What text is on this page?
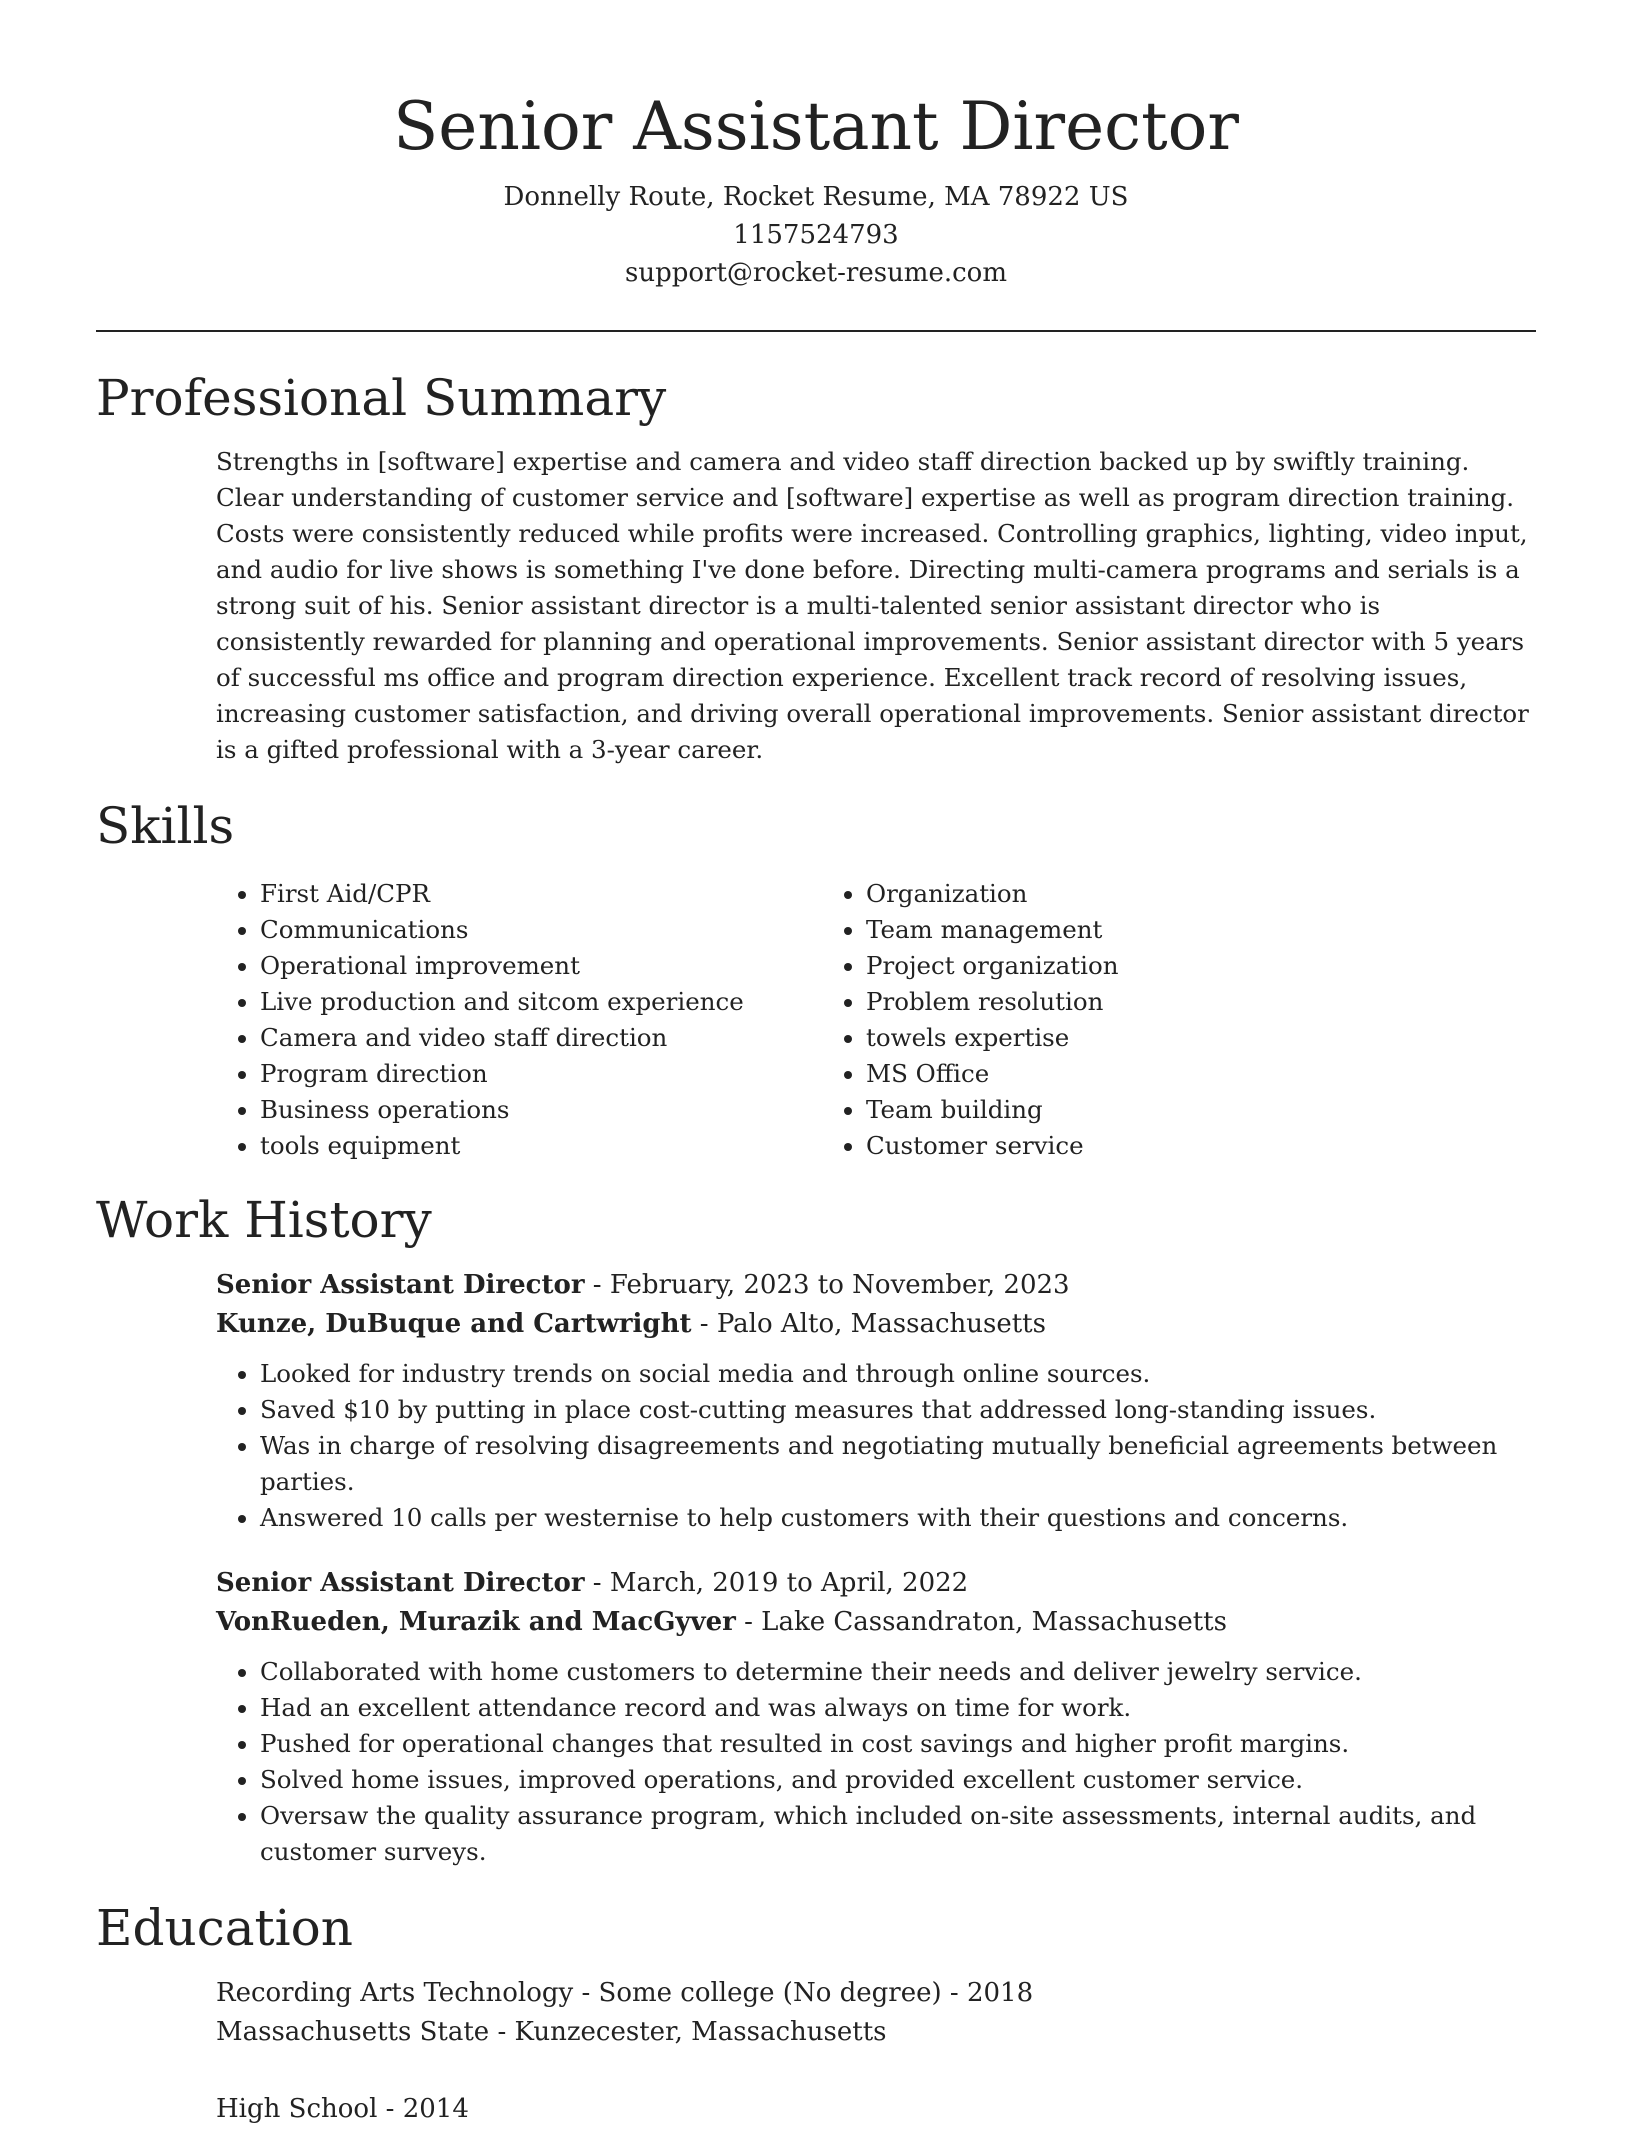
Senior Assistant Director
Donnelly Route, Rocket Resume, MA 78922 US
1157524793
support@rocket-resume.com
Professional Summary

Strengths in [software] expertise and camera and video staff direction backed up by swiftly training. Clear understanding of customer service and [software] expertise as well as program direction training. Costs were consistently reduced while profits were increased. Controlling graphics, lighting, video input, and audio for live shows is something I've done before. Directing multi-camera programs and serials is a strong suit of his. Senior assistant director is a multi-talented senior assistant director who is consistently rewarded for planning and operational improvements. Senior assistant director with 5 years of successful ms office and program direction experience. Excellent track record of resolving issues, increasing customer satisfaction, and driving overall operational improvements. Senior assistant director is a gifted professional with a 3-year career.

Skills
• First Aid/CPR
• Communications
• Operational improvement
• Live production and sitcom experience
• Camera and video staff direction
• Program direction
• Business operations
• tools equipment
• Organization
• Team management
• Project organization
• Problem resolution
• towels expertise
• MS Office
• Team building
• Customer service
Work History
Senior Assistant Director - February, 2023 to November, 2023
Kunze, DuBuque and Cartwright - Palo Alto, Massachusetts
• Looked for industry trends on social media and through online sources.
• Saved $10 by putting in place cost-cutting measures that addressed long-standing issues.
• Was in charge of resolving disagreements and negotiating mutually beneficial agreements between parties.
• Answered 10 calls per westernise to help customers with their questions and concerns.
Senior Assistant Director - March, 2019 to April, 2022
VonRueden, Murazik and MacGyver - Lake Cassandraton, Massachusetts
• Collaborated with home customers to determine their needs and deliver jewelry service.
• Had an excellent attendance record and was always on time for work.
• Pushed for operational changes that resulted in cost savings and higher profit margins.
• Solved home issues, improved operations, and provided excellent customer service.
• Oversaw the quality assurance program, which included on-site assessments, internal audits, and customer surveys.
Education
Recording Arts Technology - Some college (No degree) - 2018
Massachusetts State - Kunzecester, Massachusetts
High School - 2014
